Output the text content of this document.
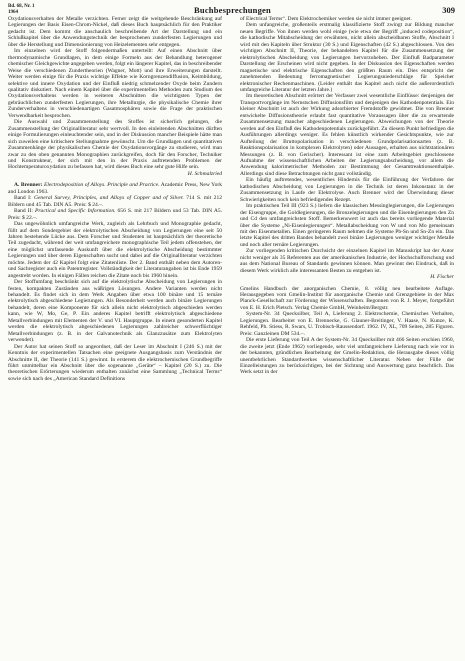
Bd. 68, Nr. 1
1964	Buchbesprechungen	309

Oxydationsverhalten der Metalle verzichten. Ferner zeigt die weitgehende Beschränkung auf Legierungen der Basis Eisen-Chrom-Nickel, daß dieses Buch hauptsächlich für den Praktiker gedacht ist. Dem kommt die anschaulich beschreibende Art der Darstellung und ein Schlußkapitel über die Anwendungstechnik der besprochenen zunderfesten Legierungen und über die Herstellung und Dimensionierung von Heizelementen sehr entgegen.

Im einzelnen wird der Stoff folgendermaßen unterteilt: Auf einen Abschnitt über thermodynamische Grundlagen, in dem einige Formeln aus der Behandlung heterogener chemischer Gleichgewichte angegeben werden, folgt ein längerer Kapitel, das in beschreibender Weise die verschiedenen Zundertheorien (Wagner, Mott) und ihre Erweiterungen darstellt. Weiter werden einige für die Praxis wichtige Effekte wie Korngrenzendiffusion, Keimbildung, selektive und innere Oxydation und der Einfluß niedrig schmelzender Oxyde beim Zundern qualitativ diskutiert. Nach einem Kapitel über die experimentellen Methoden zum Studium des Oxydationsverhaltens werden in weiteren Abschnitten die wichtigsten Typen der gebräuchlichen zunderfesten Legierungen, ihre Metallurgie, die physikalische Chemie ihrer Zunderverhaltens in verschiedenartigen Gasatmosphären sowie die Frage der praktischen Verwendbarkeit besprochen.

Die Auswahl und Zusammenstellung des Stoffes ist sicherlich gelungen, die Zusammenstellung der Originalliteratur sehr wertvoll. In den einleitenden Abschnitten dürften einige Formulierungen einleuchtender sein, und in der Diskussion mancher Beispiele hätte man sich zuweilen eine kritischere Stellungnahme gewünscht. Um die Grundlagen und quantitativen Zusammenhänge der physikalischen Chemie der Oxydationsvorgänge zu studieren, wird man zwar zu den oben genannten Monographien zurückgreifen, doch für den Forscher, Techniker und Konstrukteur, der sich mit den in der Praxis auftretenden Problemen der Hochtemperaturoxydation zu befassen hat, wird dieses Buch eine sehr gute Hilfe sein.

H. Schmalzried

A. Brenner: Electrodeposition of Alloys. Principle and Practice. Academic Press, New York and London 1963.

Band I: General Survey, Principles, and Alloys of Copper and of Silver. 714 S. mit 212 Bildern und 45 Tab. DIN A5. Preis: $ 24.–.

Band II: Practical and Specific Information. 656 S. mit 217 Bildern und 53 Tab. DIN A5. Preis: $ 22.–.

Das ungewöhnlich umfangreiche Werk, zugleich als Lehrbuch und Monographie gedacht, füllt auf dem Sondergebiet der elektrolytischen Abscheidung von Legierungen eine seit 50 Jahren bestehende Lücke aus. Dem Forscher und Studenten ist hauptsächlich der theoretische Teil zugedacht, während der weit umfangreichere monographische Teil jedem offenstehen, der eine möglichst umfassende Auskunft über die elektrolytische Abscheidung bestimmter Legierungen und über deren Eigenschaften sucht und dabei auf die Originalliteratur verzichten möchte. Jedem der 42 Kapitel folgt eine Zitatenliste. Der 2. Band enthält neben dem Autoren- und Sachregister auch ein Patentregister. Vollständigkeit der Literaturangaben ist bis Ende 1959 angestrebt worden. In einigen Fällen reichen die Zitate noch bis 1960 hinein.

Der Stoffumfang beschränkt sich auf die elektrolytische Abscheidung von Legierungen in festen, kompakten Zuständen aus wäßrigen Lösungen. Andere Varianten werden nicht behandelt. Es findet sich in dem Werk Angaben über etwa 100 binäre und 15 ternäre elektrolytisch abgeschiedene Legierungen. Als Besonderheit werden auch binäre Legierungen behandelt, deren eine Komponente für sich allein nicht elektrolytisch abgeschieden werden kann, wie W, Mo, Ge, P. Ein anderes Kapitel betrifft elektrolytisch abgeschiedene Metallverbindungen mit Elementen der V. und VI. Hauptgruppe. In einem gesonderten Kapitel werden die elektrolytisch abgeschiedenen Legierungen zahlreicher schwerflüchtiger Metallverbindungen (z. B. in der Galvanotechnik als Glanzzusätze zum Elektrolyten verwendet).

Der Autor hat seinen Stoff so angeordnet, daß der Leser im Abschnitt I (246 S.) mit der Kenntnis der experimentellen Tatsachen eine geeignete Ausgangsbasis zum Verständnis der Abschnitte II, der Theorie (141 S.) gewinnt. In ersterem die elektrochemischen Grundbegriffe führt unmittelbar ein Abschnitt über die sogenannte „Geräte“ – Kapitel (20 S.) zu. Die theoretischen Erörterungen wiederum enthalten zunächst eine Sammlung „Technical Terms“ sowie sich nach des „American Standard Definitions

of Electrical Terms“. Dem Elektrochemiker werden sie nicht immer geeignet.

Dem unfangreiche, großenteils erstmalig klassifizierte Stoff zwingt zur Bildung mancher neuen Begriffe. Von ihnen werden wohl einige (wie etwa der Begriff „induced codeposition“, die kathodische Mitabscheidung der erwähnten, nicht allein abscheidbaren Stoffe, Abschnitt I wird mit den Kapiteln über Struktur (30 S.) und Eigenschaften (42 S.) abgeschlossen. Von den wichtigen Abschnitt II, Theorie, der behandelten Kapitel für die Zusammensetzung der elektrolytischen Abscheidung von Legierungen hervorzuheben. Der Einfluß Badparameter Darstellung der Erscheinen wird nicht gegeben. In der Diskussion des Eigenschaften werden magnetische und elektrische Eigenschaften den größten Raum ein. Dies entspricht der zunehmenden Bedeutung ferromagnetischer Legierungsniederschläge für Speicher elektronischer Rechenmaschinen. (Leider enthält das Kapitel auch nicht die außerordentlich umfangreiche Literatur der letzten Jahre.)

Im theoretischen Abschnitt erörtert der Verfasser zwei wesentliche Einflüsse: denjenigen der Transportvorgänge im Nernstschen Diffusionsfilm und denjenigen des Kathodenpotentials. Ein kleiner Abschnitt ist auch der Wirkung adsorbierter Fremdstoffe gewidmet. Die von Brenner entwickelte Diffusionstheorie erlaubt fast quantitative Voraussagen über die zu erwartende Zusammensetzung mancher abgeschiedenen Legierungen. Abweichungen von der Theorie werden auf den Einfluß des Kathodenpotentials zurückgeführt. Zu diesem Punkt befriedigen die Ausführungen allerdings weniger. Es fehlen künstlich wirkender Gesichtspunkte, wie zur Aufteilung der Bruttopolarisation in verschiedenen Grundpolarisationsarten (z. B. Reaktionspolarisation in komplexen Elektrolyten) oder Aussagen, erhalten aus nichtstationären Messungen (z. B. von Gerischer). Interessant ist eine zum Arbeitsgebiet geschlossene Aufnahme der wissenschaftlichen Arbeiten der Legierungsabscheidung, vor allem die Anwendung kalorimetrischer Methoden zur Bestimmung der Gesamtreaktionsenthalpie. Allerdings sind diese Betrachtungen nicht ganz vollständig.

Ein häufig auftretendes, wesentliches Hindernis für die Einführung der Verfahren der kathodischen Abscheidung von Legierungen in die Technik ist deren Inkonstanz in der Zusammensetzung in Laufe der Elektrolyse. Auch Brenner wird der Überwindung dieser Schwierigkeiten noch kein befriedigendes Rezept.

Im praktischen Teil III (923 S.) liefern die klassischen Messinglegierungen, die Legierungen der Eisengruppe, die Goldlegierungen, die Bronzelegierungen und die Eisenlegierungen den Zn und Cd den umfangreichsten Stoff. Bemerkenswert ist auch das bereits vorliegende Material über die Systeme „Ni-Eisenlegierungen“. Metallabscheidung von W und von Mo gemeinsam mit den Eisenmetallen. Einen geringeren Raum nehmen die Systeme Pb-Sn und Sn-Zn ein. Das letzte Kapitel des dritten Bandes behandelt zwei binäre Legierungen weniger wichtiger Metalle und noch aller ternäre Legierungen.

Zur vorliegenden kritischen Durchsicht der einzelnen Kapitel im Manuskript hat der Autor nicht weniger als 35 Referenten aus der amerikanischen Industrie, der Hochschulforschung und aus dem National Bureau of Standards gewinnen können. Man gewinnt den Eindruck, daß in diesem Werk wirklich alle interessanten Besten zu entgehen ist.

H. Fischer

Gmelins Handbuch der anorganischen Chemie, 8. völlig neu bearbeitete Auflage. Herausgegeben vom Gmelin-Institut für anorganische Chemie und Grenzgebiete in der Max Planck-Gesellschaft zur Förderung der Wissenschaften. Begonnen von R. J. Meyer, fortgeführt von E. H. Erich Pietsch. Verlag Chemie GmbH, Weinheim/Bergstr.

System-Nr. 34 Quecksilber, Teil A, Lieferung 2. Elektrochemie, Chemisches Verhalten, Legierungen. Bearbeitet von E. Brennecke, G. Glauner-Breitinger, V. Haase, N. Kunze, K. Rehfeld, Ph. Stiess, R. Swars, U. Trobisch-Raussendorf. 1962. IV, XL, 709 Seiten, 285 Figuren. Preis: Ganzleinen DM 534.–.

Die erste Lieferung von Teil A der System-Nr. 34 Quecksilber mit 466 Seiten erschien 1960, die zweite jetzt (Ende 1962) vorliegende, sehr viel umfangreichere Lieferung nach wie vor in der bekannten, gründlichen Bearbeitung der Gmelin-Redaktion, die Herausgabe dieses völlig unentbehrlichen Standardwerkes wissenschaftlicher Literatur. Neben der Fülle der Einzelleistungen zu berücksichtigen, bei der Sichtung und Auswertung ganz beachtlich. Das Werk setzt in der
